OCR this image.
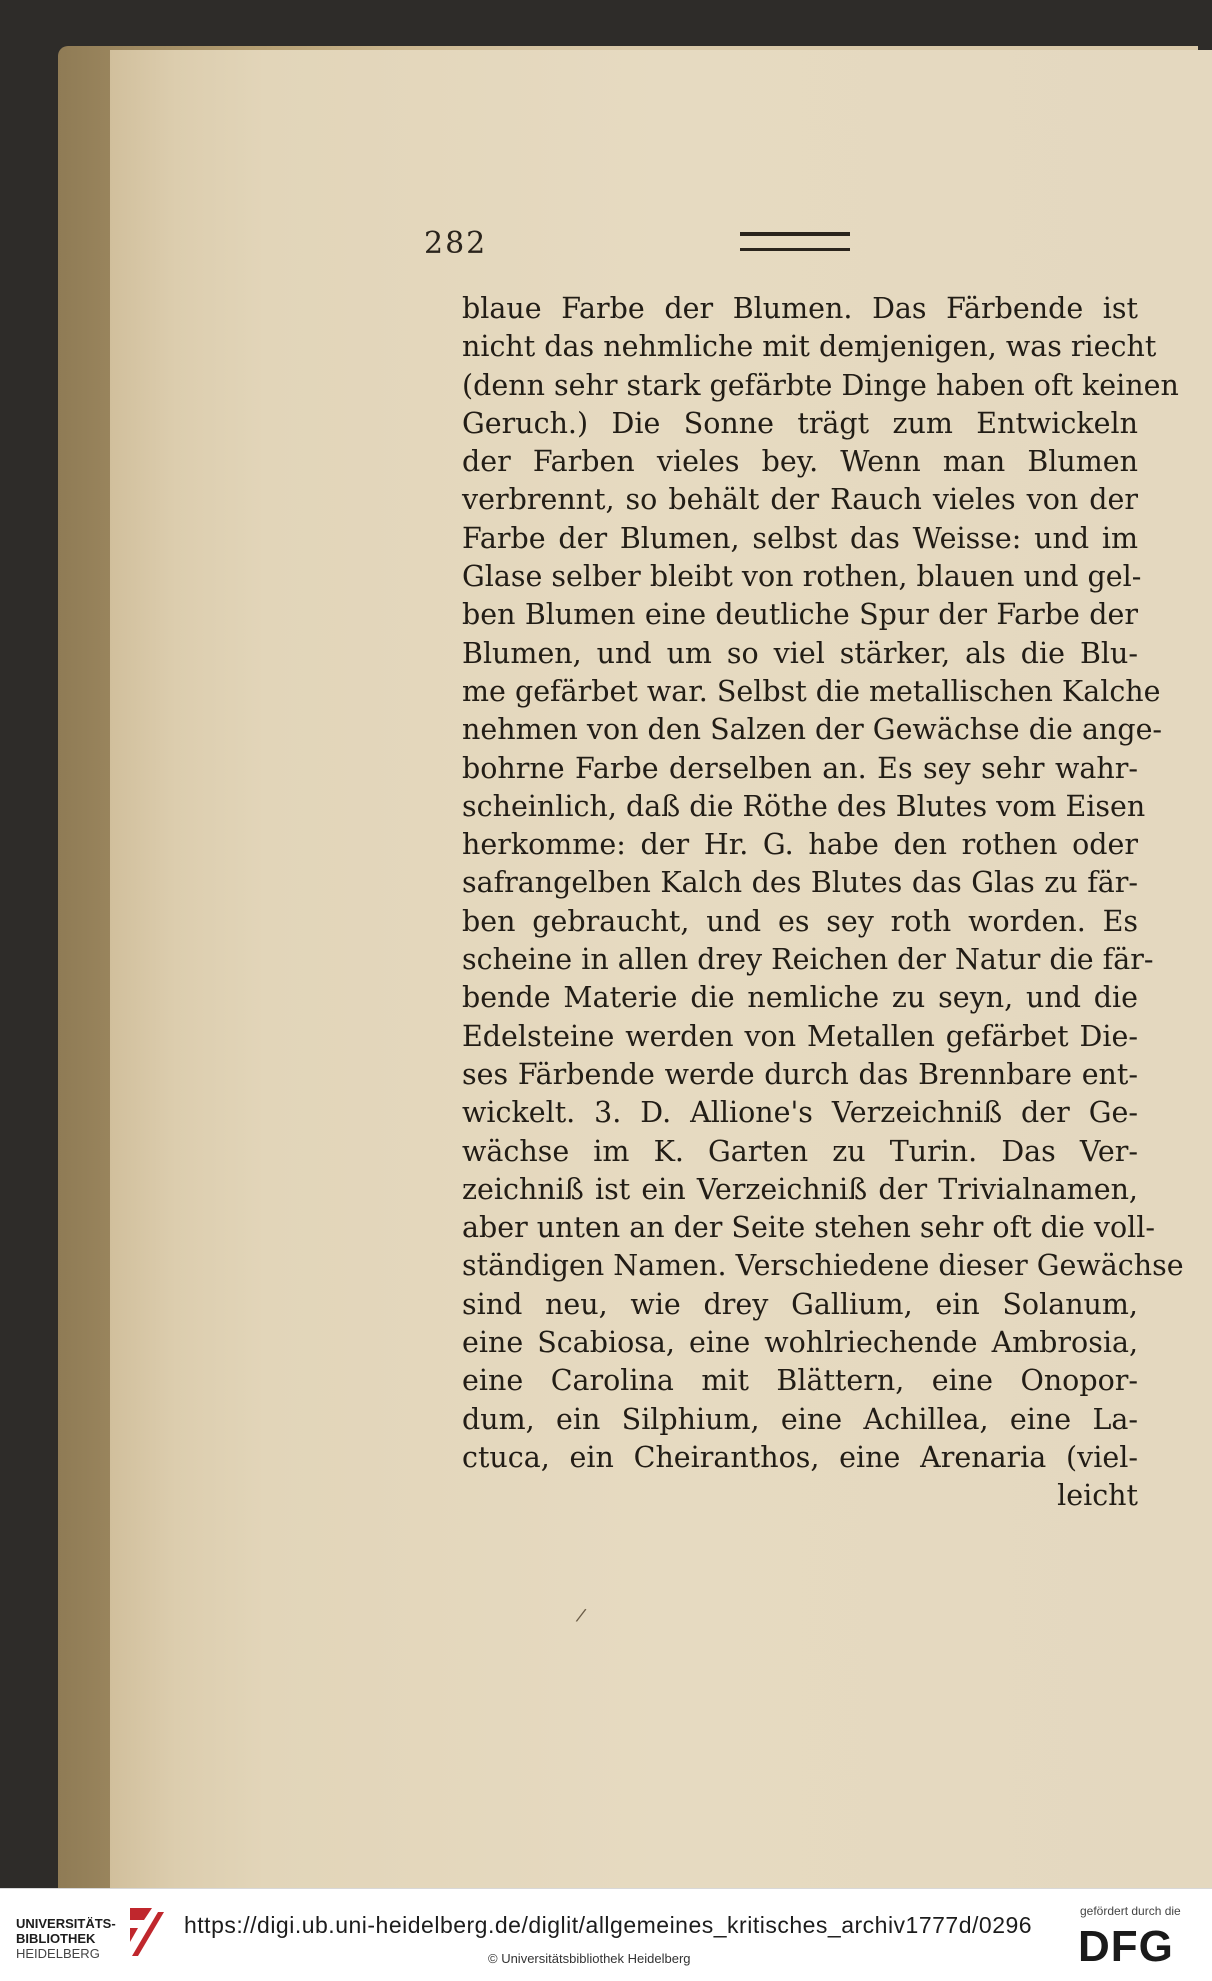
282
blaue Farbe der Blumen. Das Färbende ist
nicht das nehmliche mit demjenigen, was riecht
(denn sehr stark gefärbte Dinge haben oft keinen
Geruch.) Die Sonne trägt zum Entwickeln
der Farben vieles bey. Wenn man Blumen
verbrennt, so behält der Rauch vieles von der
Farbe der Blumen, selbst das Weisse: und im
Glase selber bleibt von rothen, blauen und gel-
ben Blumen eine deutliche Spur der Farbe der
Blumen, und um so viel stärker, als die Blu-
me gefärbet war. Selbst die metallischen Kalche
nehmen von den Salzen der Gewächse die ange-
bohrne Farbe derselben an. Es sey sehr wahr-
scheinlich, daß die Röthe des Blutes vom Eisen
herkomme: der Hr. G. habe den rothen oder
safrangelben Kalch des Blutes das Glas zu fär-
ben gebraucht, und es sey roth worden. Es
scheine in allen drey Reichen der Natur die fär-
bende Materie die nemliche zu seyn, und die
Edelsteine werden von Metallen gefärbet Die-
ses Färbende werde durch das Brennbare ent-
wickelt. 3. D. Allione's Verzeichniß der Ge-
wächse im K. Garten zu Turin. Das Ver-
zeichniß ist ein Verzeichniß der Trivialnamen,
aber unten an der Seite stehen sehr oft die voll-
ständigen Namen. Verschiedene dieser Gewächse
sind neu, wie drey Gallium, ein Solanum,
eine Scabiosa, eine wohlriechende Ambrosia,
eine Carolina mit Blättern, eine Onopor-
dum, ein Silphium, eine Achillea, eine La-
ctuca, ein Cheiranthos, eine Arenaria (viel-
leicht
/
UNIVERSITÄTS-
BIBLIOTHEK
HEIDELBERG
https://digi.ub.uni-heidelberg.de/diglit/allgemeines_kritisches_archiv1777d/0296
© Universitätsbibliothek Heidelberg
gefördert durch die
DFG
